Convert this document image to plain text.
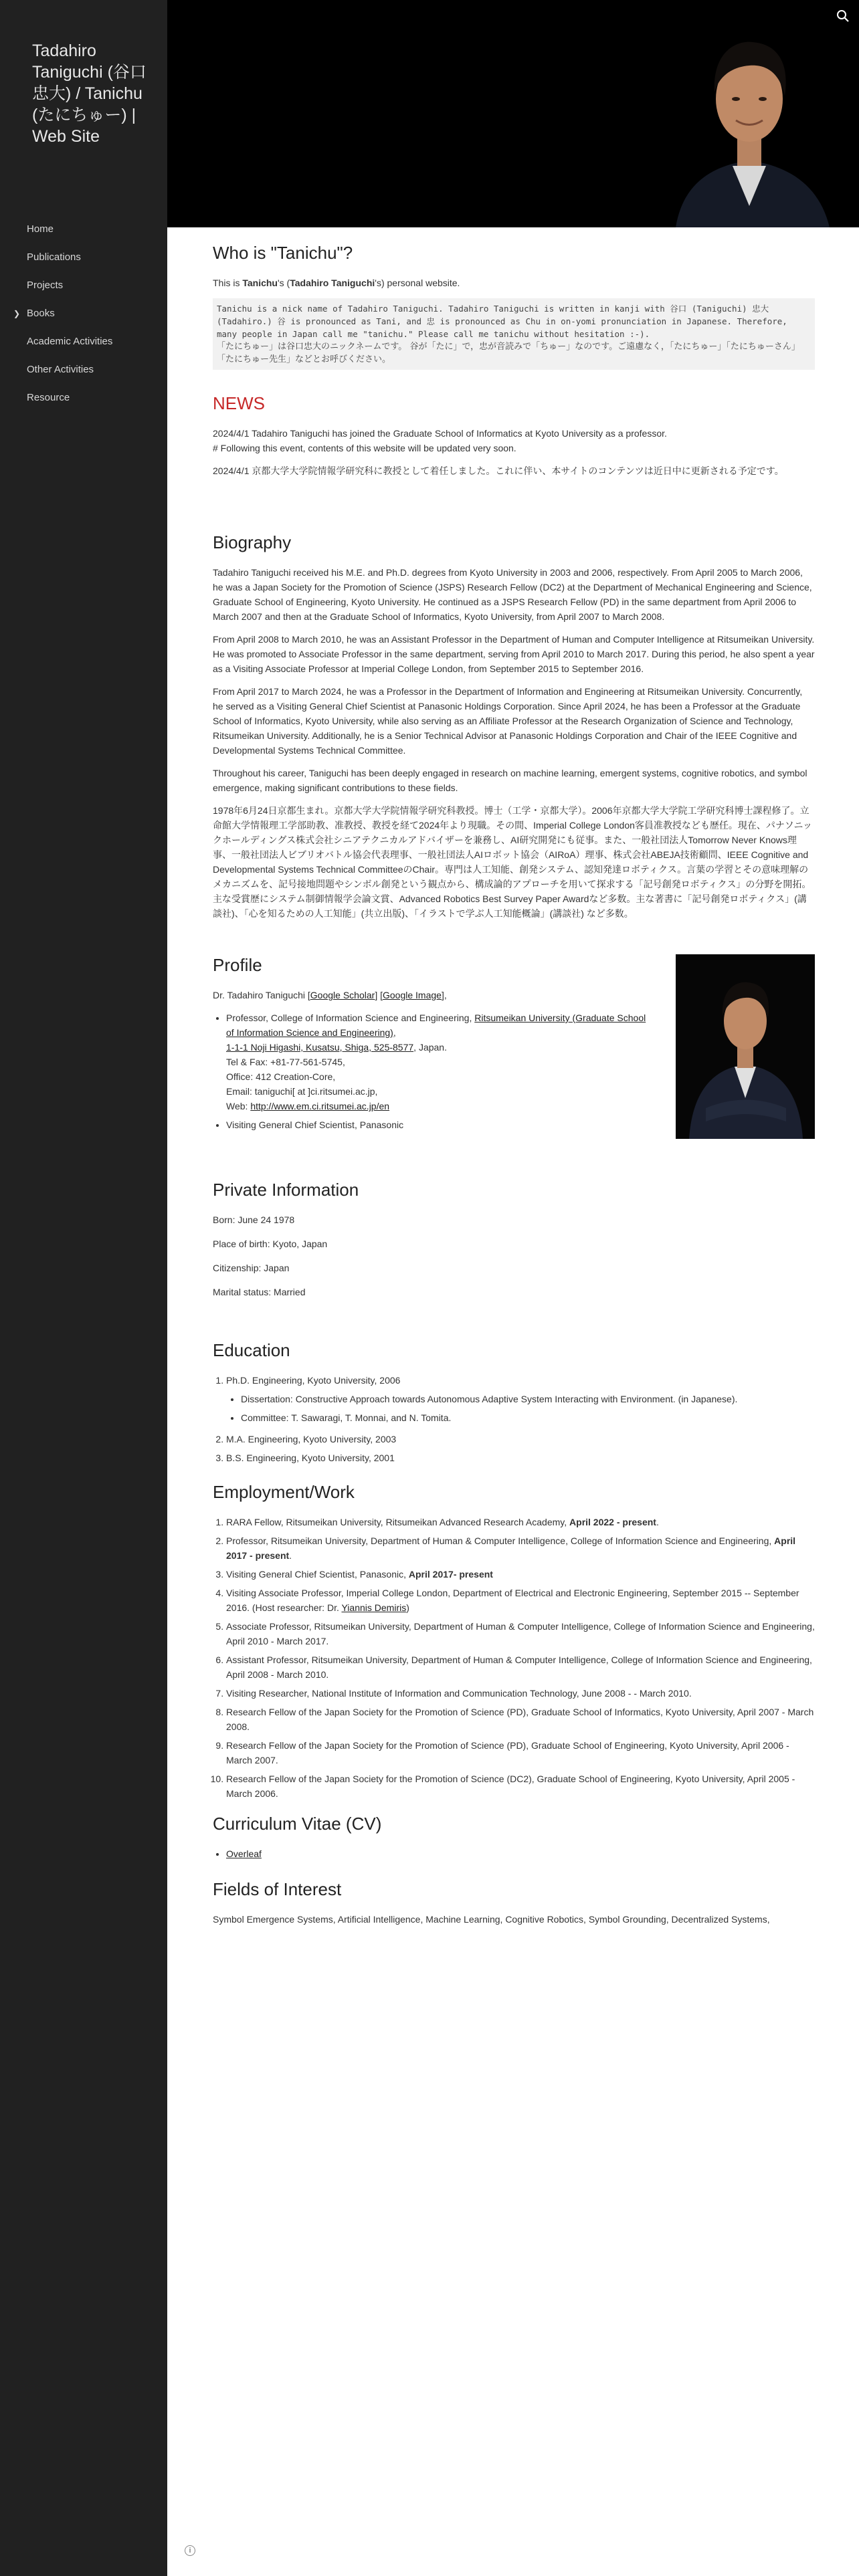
Tadahiro Taniguchi (谷口忠大) / Tanichu (たにちゅー) | Web Site
Home
Publications
Projects
❯ Books
Academic Activities
Other Activities
Resource
i
Who is "Tanichu"?

This is Tanichu's (Tadahiro Taniguchi's) personal website.

Tanichu is a nick name of Tadahiro Taniguchi. Tadahiro Taniguchi is written in kanji with 谷口 (Taniguchi) 忠大(Tadahiro.) 谷 is pronounced as Tani, and 忠 is pronounced as Chu in on-yomi pronunciation in Japanese. Therefore, many people in Japan call me "tanichu." Please call me tanichu without hesitation :-).
「たにちゅー」は谷口忠大のニックネームです。 谷が「たに」で，忠が音読みで「ちゅー」なのです。ご遠慮なく，「たにちゅー」「たにちゅーさん」「たにちゅー先生」などとお呼びください。
NEWS

2024/4/1 Tadahiro Taniguchi has joined the Graduate School of Informatics at Kyoto University as a professor.

# Following this event, contents of this website will be updated very soon.

2024/4/1 京都大学大学院情報学研究科に教授として着任しました。これに伴い、本サイトのコンテンツは近日中に更新される予定です。

Biography

Tadahiro Taniguchi received his M.E. and Ph.D. degrees from Kyoto University in 2003 and 2006, respectively. From April 2005 to March 2006, he was a Japan Society for the Promotion of Science (JSPS) Research Fellow (DC2) at the Department of Mechanical Engineering and Science, Graduate School of Engineering, Kyoto University. He continued as a JSPS Research Fellow (PD) in the same department from April 2006 to March 2007 and then at the Graduate School of Informatics, Kyoto University, from April 2007 to March 2008.

From April 2008 to March 2010, he was an Assistant Professor in the Department of Human and Computer Intelligence at Ritsumeikan University. He was promoted to Associate Professor in the same department, serving from April 2010 to March 2017. During this period, he also spent a year as a Visiting Associate Professor at Imperial College London, from September 2015 to September 2016.

From April 2017 to March 2024, he was a Professor in the Department of Information and Engineering at Ritsumeikan University. Concurrently, he served as a Visiting General Chief Scientist at Panasonic Holdings Corporation. Since April 2024, he has been a Professor at the Graduate School of Informatics, Kyoto University, while also serving as an Affiliate Professor at the Research Organization of Science and Technology, Ritsumeikan University. Additionally, he is a Senior Technical Advisor at Panasonic Holdings Corporation and Chair of the IEEE Cognitive and Developmental Systems Technical Committee.

Throughout his career, Taniguchi has been deeply engaged in research on machine learning, emergent systems, cognitive robotics, and symbol emergence, making significant contributions to these fields.

1978年6月24日京都生まれ。京都大学大学院情報学研究科教授。博士（工学・京都大学）。2006年京都大学大学院工学研究科博士課程修了。立命館大学情報理工学部助教、准教授、教授を経て2024年より現職。その間、Imperial College London客員准教授なども歴任。現在、パナソニックホールディングス株式会社シニアテクニカルアドバイザーを兼務し、AI研究開発にも従事。また、一般社団法人Tomorrow Never Knows理事、一般社団法人ビブリオバトル協会代表理事、一般社団法人AIロボット協会（AIRoA）理事、株式会社ABEJA技術顧問、IEEE Cognitive and Developmental Systems Technical CommitteeのChair。専門は人工知能、創発システム、認知発達ロボティクス。言葉の学習とその意味理解のメカニズムを、記号接地問題やシンボル創発という観点から、構成論的アプローチを用いて探求する「記号創発ロボティクス」の分野を開拓。主な受賞歴にシステム制御情報学会論文賞、Advanced Robotics Best Survey Paper Awardなど多数。主な著書に「記号創発ロボティクス」(講談社)、「心を知るための人工知能」(共立出版)、「イラストで学ぶ人工知能概論」(講談社) など多数。

Profile

Dr. Tadahiro Taniguchi [Google Scholar] [Google Image],

• Professor, College of Information Science and Engineering, Ritsumeikan University (Graduate School of Information Science and Engineering),
1-1-1 Noji Higashi, Kusatsu, Shiga, 525-8577, Japan.
Tel & Fax: +81-77-561-5745,
Office: 412 Creation-Core,
Email: taniguchi[ at ]ci.ritsumei.ac.jp,
Web: http://www.em.ci.ritsumei.ac.jp/en
• Visiting General Chief Scientist, Panasonic
Private Information

Born: June 24 1978

Place of birth: Kyoto, Japan

Citizenship: Japan

Marital status: Married

Education
1. Ph.D. Engineering, Kyoto University, 2006
• Dissertation: Constructive Approach towards Autonomous Adaptive System Interacting with Environment. (in Japanese).
• Committee: T. Sawaragi, T. Monnai, and N. Tomita.
2. M.A. Engineering, Kyoto University, 2003
3. B.S. Engineering, Kyoto University, 2001
Employment/Work
1. RARA Fellow, Ritsumeikan University, Ritsumeikan Advanced Research Academy, April 2022 - present.
2. Professor, Ritsumeikan University, Department of Human & Computer Intelligence, College of Information Science and Engineering, April 2017 - present.
3. Visiting General Chief Scientist, Panasonic, April 2017- present
4. Visiting Associate Professor, Imperial College London, Department of Electrical and Electronic Engineering, September 2015 -- September 2016. (Host researcher: Dr. Yiannis Demiris)
5. Associate Professor, Ritsumeikan University, Department of Human & Computer Intelligence, College of Information Science and Engineering, April 2010 - March 2017.
6. Assistant Professor, Ritsumeikan University, Department of Human & Computer Intelligence, College of Information Science and Engineering, April 2008 - March 2010.
7. Visiting Researcher, National Institute of Information and Communication Technology, June 2008 - - March 2010.
8. Research Fellow of the Japan Society for the Promotion of Science (PD), Graduate School of Informatics, Kyoto University, April 2007 - March 2008.
9. Research Fellow of the Japan Society for the Promotion of Science (PD), Graduate School of Engineering, Kyoto University, April 2006 - March 2007.
10. Research Fellow of the Japan Society for the Promotion of Science (DC2), Graduate School of Engineering, Kyoto University, April 2005 - March 2006.
Curriculum Vitae (CV)
• Overleaf
Fields of Interest

Symbol Emergence Systems, Artificial Intelligence, Machine Learning, Cognitive Robotics, Symbol Grounding, Decentralized Systems,
